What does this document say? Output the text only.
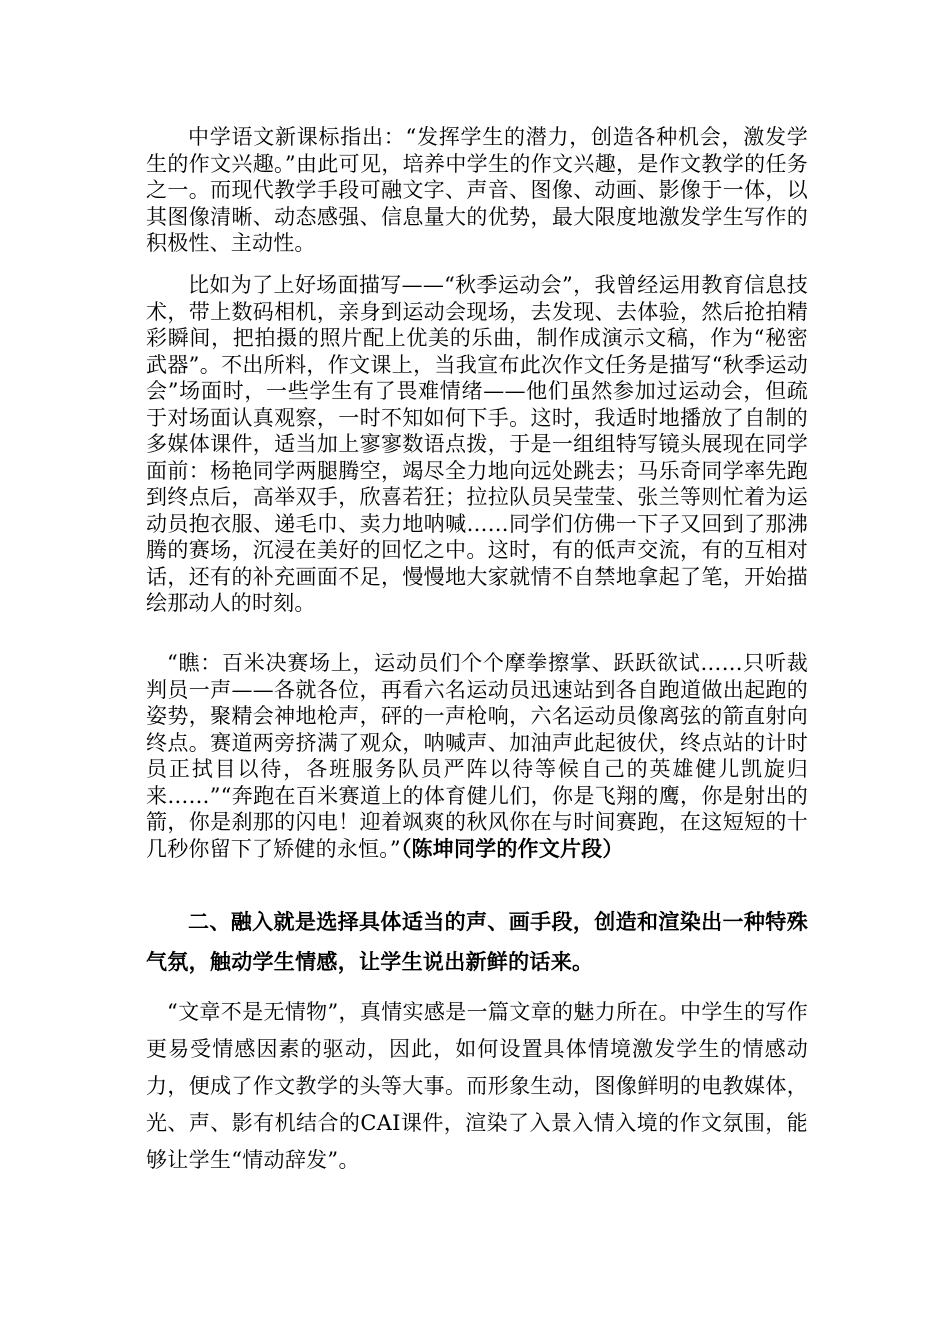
中学语文新课标指出：“发挥学生的潜力，创造各种机会，激发学生的作文兴趣。”由此可见，培养中学生的作文兴趣，是作文教学的任务之一。而现代教学手段可融文字、声音、图像、动画、影像于一体，以其图像清晰、动态感强、信息量大的优势，最大限度地激发学生写作的积极性、主动性。

比如为了上好场面描写——“秋季运动会”，我曾经运用教育信息技术，带上数码相机，亲身到运动会现场，去发现、去体验，然后抢拍精彩瞬间，把拍摄的照片配上优美的乐曲，制作成演示文稿，作为“秘密武器”。不出所料，作文课上，当我宣布此次作文任务是描写“秋季运动会”场面时，一些学生有了畏难情绪——他们虽然参加过运动会，但疏于对场面认真观察，一时不知如何下手。这时，我适时地播放了自制的多媒体课件，适当加上寥寥数语点拨，于是一组组特写镜头展现在同学面前：杨艳同学两腿腾空，竭尽全力地向远处跳去；马乐奇同学率先跑到终点后，高举双手，欣喜若狂；拉拉队员吴莹莹、张兰等则忙着为运动员抱衣服、递毛巾、卖力地呐喊……同学们仿佛一下子又回到了那沸腾的赛场，沉浸在美好的回忆之中。这时，有的低声交流，有的互相对话，还有的补充画面不足，慢慢地大家就情不自禁地拿起了笔，开始描绘那动人的时刻。

“瞧：百米决赛场上，运动员们个个摩拳擦掌、跃跃欲试……只听裁判员一声——各就各位，再看六名运动员迅速站到各自跑道做出起跑的姿势，聚精会神地枪声，砰的一声枪响，六名运动员像离弦的箭直射向终点。赛道两旁挤满了观众，呐喊声、加油声此起彼伏，终点站的计时员正拭目以待，各班服务队员严阵以待等候自己的英雄健儿凯旋归来……”“奔跑在百米赛道上的体育健儿们，你是飞翔的鹰，你是射出的箭，你是刹那的闪电！迎着飒爽的秋风你在与时间赛跑，在这短短的十几秒你留下了矫健的永恒。”（陈坤同学的作文片段）

二、融入就是选择具体适当的声、画手段，创造和渲染出一种特殊气氛，触动学生情感，让学生说出新鲜的话来。

“文章不是无情物”，真情实感是一篇文章的魅力所在。中学生的写作更易受情感因素的驱动，因此，如何设置具体情境激发学生的情感动力，便成了作文教学的头等大事。而形象生动，图像鲜明的电教媒体，光、声、影有机结合的CAI课件，渲染了入景入情入境的作文氛围，能够让学生“情动辞发”。
